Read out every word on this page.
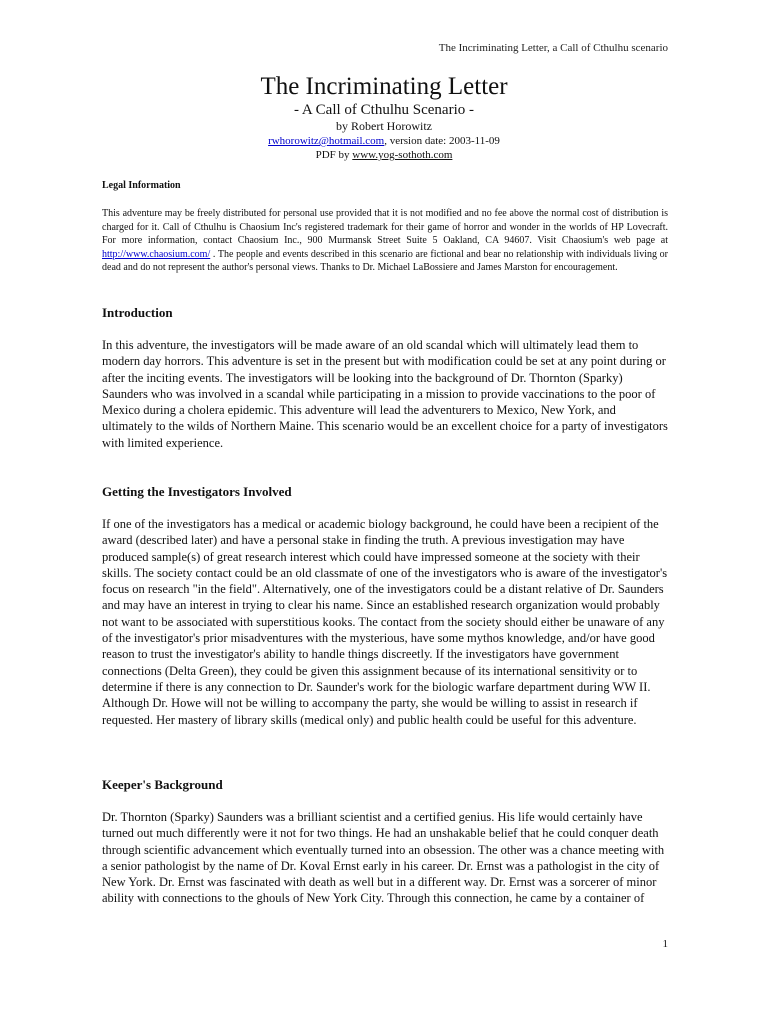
The Incriminating Letter, a Call of Cthulhu scenario
The Incriminating Letter

- A Call of Cthulhu Scenario -

by Robert Horowitz

rwhorowitz@hotmail.com, version date: 2003-11-09

PDF by www.yog-sothoth.com

Legal Information
This adventure may be freely distributed for personal use provided that it is not modified and no fee above the normal cost of distribution is charged for it. Call of Cthulhu is Chaosium Inc's registered trademark for their game of horror and wonder in the worlds of HP Lovecraft. For more information, contact Chaosium Inc., 900 Murmansk Street Suite 5 Oakland, CA 94607. Visit Chaosium's web page at http://www.chaosium.com/ . The people and events described in this scenario are fictional and bear no relationship with individuals living or dead and do not represent the author's personal views. Thanks to Dr. Michael LaBossiere and James Marston for encouragement.
Introduction

In this adventure, the investigators will be made aware of an old scandal which will ultimately lead them to modern day horrors. This adventure is set in the present but with modification could be set at any point during or after the inciting events. The investigators will be looking into the background of Dr. Thornton (Sparky) Saunders who was involved in a scandal while participating in a mission to provide vaccinations to the poor of Mexico during a cholera epidemic. This adventure will lead the adventurers to Mexico, New York, and ultimately to the wilds of Northern Maine. This scenario would be an excellent choice for a party of investigators with limited experience.

Getting the Investigators Involved

If one of the investigators has a medical or academic biology background, he could have been a recipient of the award (described later) and have a personal stake in finding the truth. A previous investigation may have produced sample(s) of great research interest which could have impressed someone at the society with their skills. The society contact could be an old classmate of one of the investigators who is aware of the investigator's focus on research "in the field". Alternatively, one of the investigators could be a distant relative of Dr. Saunders and may have an interest in trying to clear his name. Since an established research organization would probably not want to be associated with superstitious kooks. The contact from the society should either be unaware of any of the investigator's prior misadventures with the mysterious, have some mythos knowledge, and/or have good reason to trust the investigator's ability to handle things discreetly. If the investigators have government connections (Delta Green), they could be given this assignment because of its international sensitivity or to determine if there is any connection to Dr. Saunder's work for the biologic warfare department during WW II. Although Dr. Howe will not be willing to accompany the party, she would be willing to assist in research if requested. Her mastery of library skills (medical only) and public health could be useful for this adventure.

Keeper's Background

Dr. Thornton (Sparky) Saunders was a brilliant scientist and a certified genius. His life would certainly have turned out much differently were it not for two things. He had an unshakable belief that he could conquer death through scientific advancement which eventually turned into an obsession. The other was a chance meeting with a senior pathologist by the name of Dr. Koval Ernst early in his career. Dr. Ernst was a pathologist in the city of New York. Dr. Ernst was fascinated with death as well but in a different way. Dr. Ernst was a sorcerer of minor ability with connections to the ghouls of New York City. Through this connection, he came by a container of

1
